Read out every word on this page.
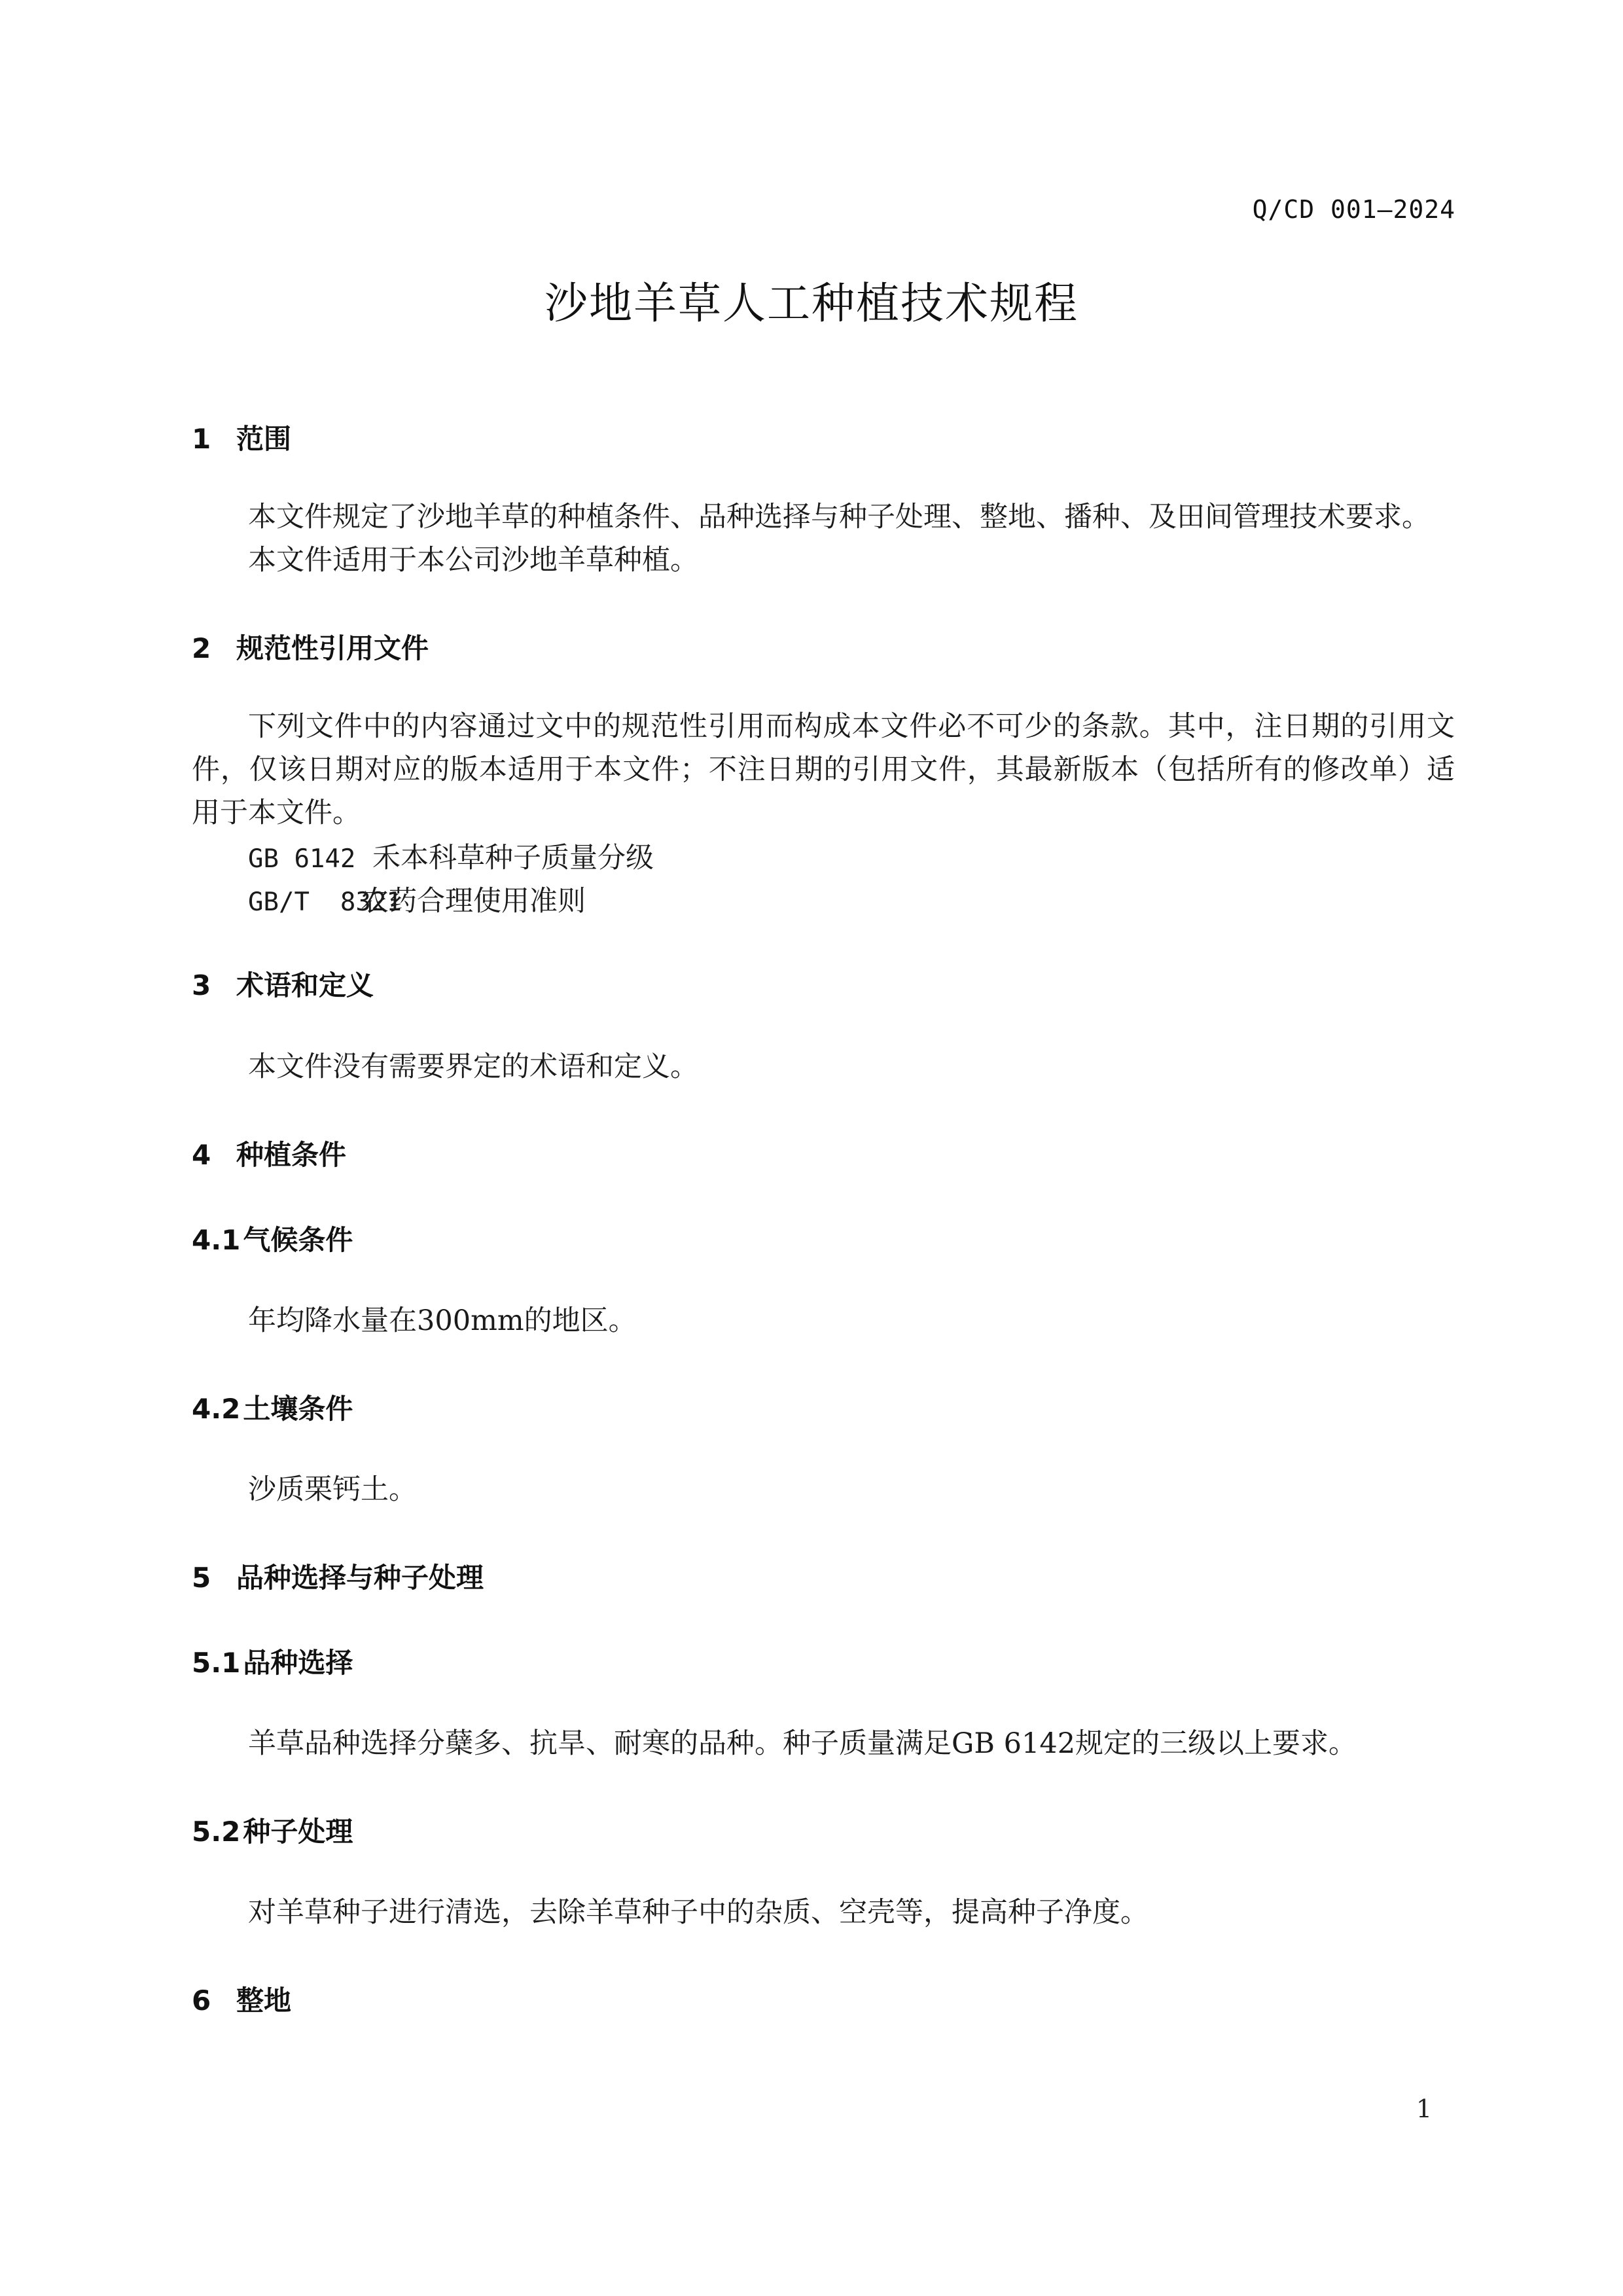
Q/CD 001—2024
沙地羊草人工种植技术规程
1 范围
本文件规定了沙地羊草的种植条件、品种选择与种子处理、整地、播种、及田间管理技术要求。
本文件适用于本公司沙地羊草种植。
2 规范性引用文件
下列文件中的内容通过文中的规范性引用而构成本文件必不可少的条款。其中，注日期的引用文件，仅该日期对应的版本适用于本文件；不注日期的引用文件，其最新版本（包括所有的修改单）适用于本文件。
GB 6142 禾本科草种子质量分级
GB/T  8321农药合理使用准则
3 术语和定义
本文件没有需要界定的术语和定义。
4 种植条件
4.1气候条件
年均降水量在300mm的地区。
4.2土壤条件
沙质栗钙土。
5 品种选择与种子处理
5.1品种选择
羊草品种选择分蘖多、抗旱、耐寒的品种。种子质量满足GB 6142规定的三级以上要求。
5.2种子处理
对羊草种子进行清选，去除羊草种子中的杂质、空壳等，提高种子净度。
6 整地
1
